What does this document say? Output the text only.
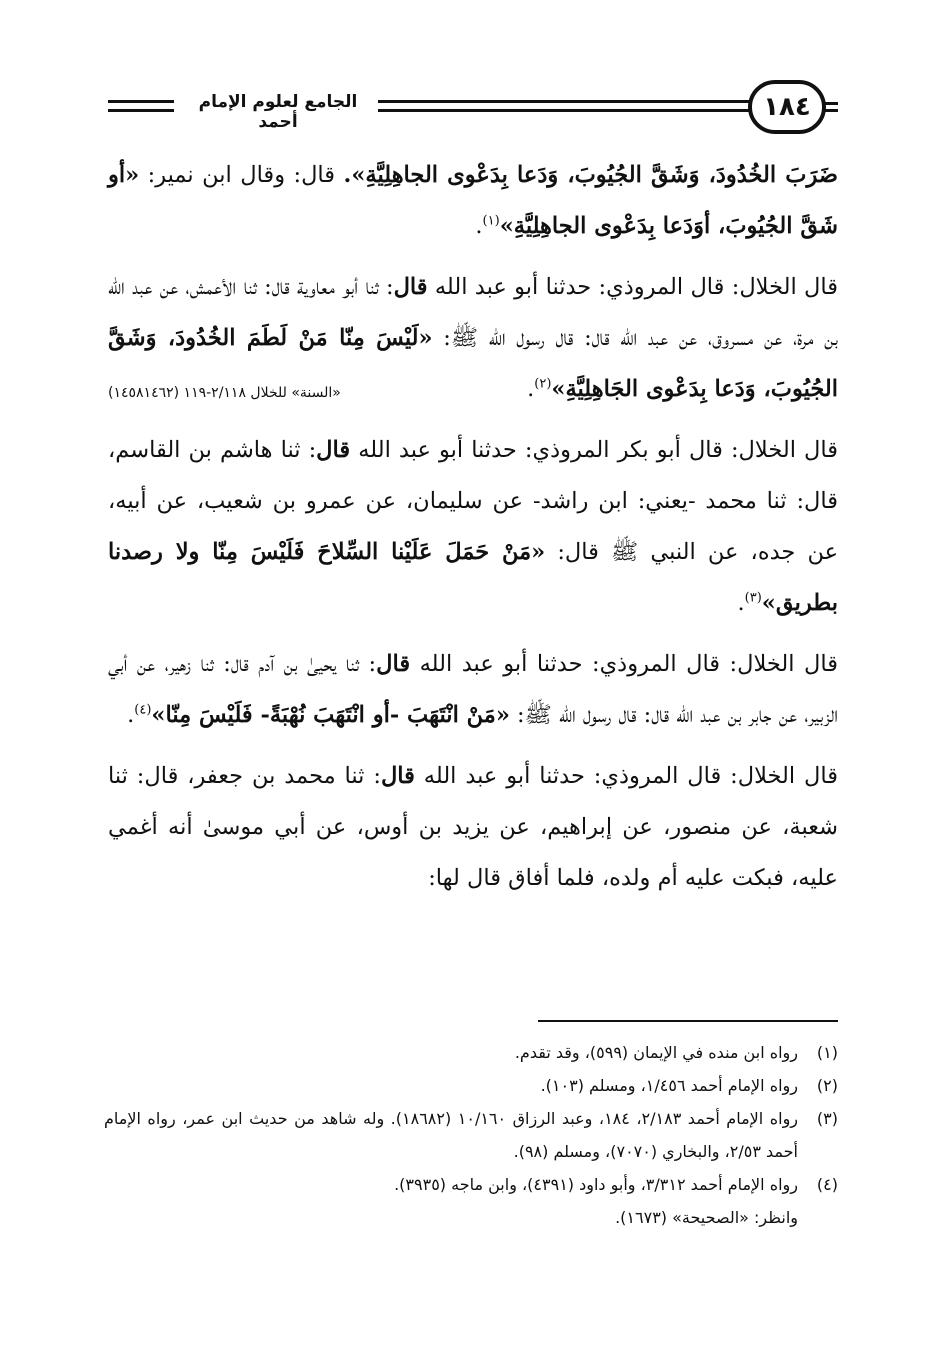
١٨٤
الجامع لعلوم الإمام أحمد

ضَرَبَ الخُدُودَ، وَشَقَّ الجُيُوبَ، وَدَعا بِدَعْوى الجاهِلِيَّةِ». قال: وقال ابن نمير: «أو شَقَّ الجُيُوبَ، أوَدَعا بِدَعْوى الجاهِلِيَّةِ»$^{(١)}$.

قال الخلال: قال المروذي: حدثنا أبو عبد الله قال: ثنا أبو معاوية قال: ثنا الأعمش، عن عبد الله بن مرة، عن مسروق، عن عبد الله قال: قال رسول الله ﷺ: «لَيْسَ مِنّا مَنْ لَطَمَ الخُدُودَ، وَشَقَّ الجُيُوبَ، وَدَعا بِدَعْوى الجَاهِلِيَّةِ»$^{(٢)}$.
«السنة» للخلال ٢/١١٨-١١٩ (١٤٥٨١٤٦٢)

قال الخلال: قال أبو بكر المروذي: حدثنا أبو عبد الله قال: ثنا هاشم بن القاسم، قال: ثنا محمد -يعني: ابن راشد- عن سليمان، عن عمرو بن شعيب، عن أبيه، عن جده، عن النبي ﷺ قال: «مَنْ حَمَلَ عَلَيْنا السِّلاحَ فَلَيْسَ مِنّا ولا رصدنا بطريق»$^{(٣)}$.

قال الخلال: قال المروذي: حدثنا أبو عبد الله قال: ثنا يحيىٰ بن آدم قال: ثنا زهير، عن أبي الزبير، عن جابر بن عبد الله قال: قال رسول الله ﷺ: «مَنْ انْتَهَبَ -أو انْتَهَبَ نُهْبَةً- فَلَيْسَ مِنّا»$^{(٤)}$.

قال الخلال: قال المروذي: حدثنا أبو عبد الله قال: ثنا محمد بن جعفر، قال: ثنا شعبة، عن منصور، عن إبراهيم، عن يزيد بن أوس، عن أبي موسىٰ أنه أغمي عليه، فبكت عليه أم ولده، فلما أفاق قال لها:

(١)
رواه ابن منده في الإيمان (٥٩٩)، وقد تقدم.
(٢)
رواه الإمام أحمد ١/٤٥٦، ومسلم (١٠٣).
(٣)
رواه الإمام أحمد ٢/١٨٣، ١٨٤، وعبد الرزاق ١٠/١٦٠ (١٨٦٨٢). وله شاهد من حديث ابن عمر، رواه الإمام أحمد ٢/٥٣، والبخاري (٧٠٧٠)، ومسلم (٩٨).
(٤)
رواه الإمام أحمد ٣/٣١٢، وأبو داود (٤٣٩١)، وابن ماجه (٣٩٣٥).
وانظر: «الصحيحة» (١٦٧٣).
